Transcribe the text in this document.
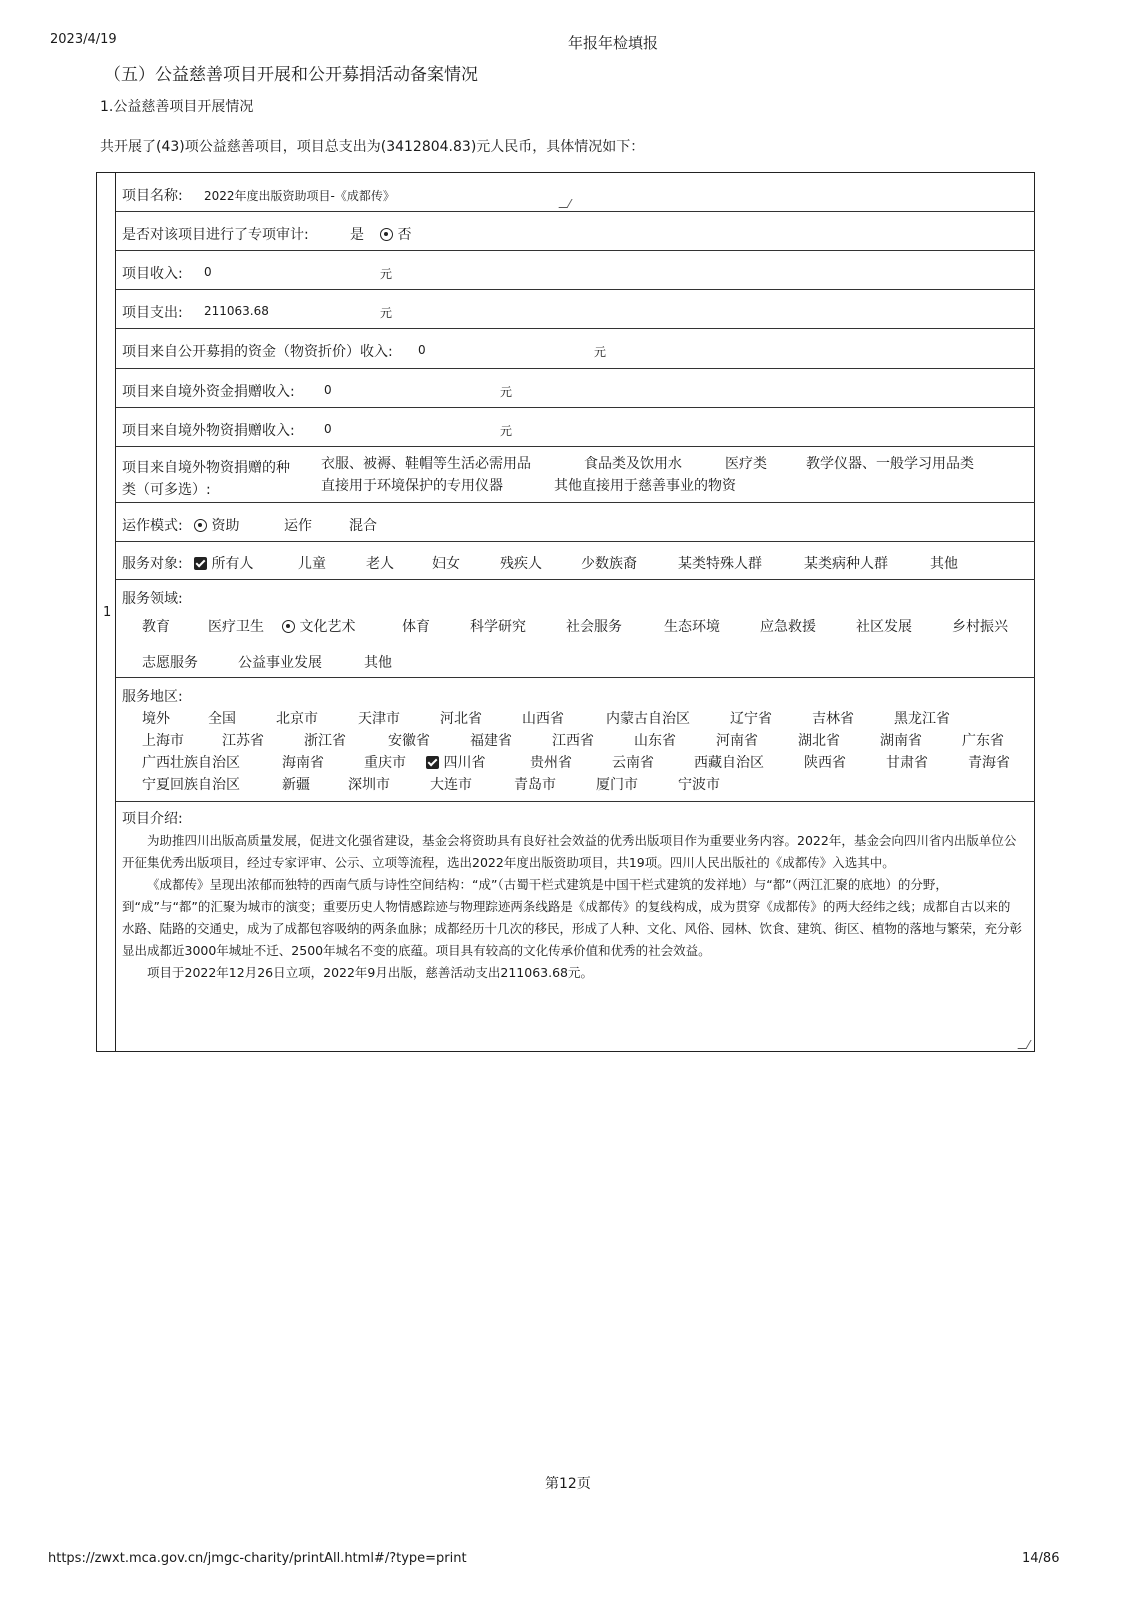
2023/4/19	年报年检填报
（五）公益慈善项目开展和公开募捐活动备案情况
1.公益慈善项目开展情况
共开展了(43)项公益慈善项目，项目总支出为(3412804.83)元人民币，具体情况如下：
1
项目名称: 2022年度出版资助项目-《成都传》
是否对该项目进行了专项审计:	是	否
项目收入: 0	元
项目支出: 211063.68	元
项目来自公开募捐的资金（物资折价）收入: 0	元
项目来自境外资金捐赠收入: 0	元
项目来自境外物资捐赠收入: 0	元
项目来自境外物资捐赠的种
类（可多选）:
衣服、被褥、鞋帽等生活必需用品	食品类及饮用水	医疗类	教学仪器、一般学习用品类
直接用于环境保护的专用仪器	其他直接用于慈善事业的物资
运作模式:	资助	运作	混合
服务对象:	所有人	儿童	老人	妇女	残疾人	少数族裔	某类特殊人群	某类病种人群	其他
服务领域:
教育	医疗卫生	文化艺术	体育	科学研究	社会服务	生态环境	应急救援	社区发展	乡村振兴
志愿服务	公益事业发展	其他
服务地区:
境外	全国	北京市	天津市	河北省	山西省	内蒙古自治区	辽宁省	吉林省	黑龙江省
上海市	江苏省	浙江省	安徽省	福建省	江西省	山东省	河南省	湖北省	湖南省	广东省
广西壮族自治区	海南省	重庆市	四川省	贵州省	云南省	西藏自治区	陕西省	甘肃省	青海省
宁夏回族自治区	新疆	深圳市	大连市	青岛市	厦门市	宁波市
项目介绍:

为助推四川出版高质量发展，促进文化强省建设，基金会将资助具有良好社会效益的优秀出版项目作为重要业务内容。2022年，基金会向四川省内出版单位公开征集优秀出版项目，经过专家评审、公示、立项等流程，选出2022年度出版资助项目，共19项。四川人民出版社的《成都传》入选其中。

《成都传》呈现出浓郁而独特的西南气质与诗性空间结构：“成”（古蜀干栏式建筑是中国干栏式建筑的发祥地）与“都”（两江汇聚的底地）的分野，到“成”与“都”的汇聚为城市的演变；重要历史人物情感踪迹与物理踪迹两条线路是《成都传》的复线构成，成为贯穿《成都传》的两大经纬之线；成都自古以来的水路、陆路的交通史，成为了成都包容吸纳的两条血脉；成都经历十几次的移民，形成了人种、文化、风俗、园林、饮食、建筑、街区、植物的落地与繁荣，充分彰显出成都近3000年城址不迁、2500年城名不变的底蕴。项目具有较高的文化传承价值和优秀的社会效益。

项目于2022年12月26日立项，2022年9月出版，慈善活动支出211063.68元。

第12页
https://zwxt.mca.gov.cn/jmgc-charity/printAll.html#/?type=print	14/86
